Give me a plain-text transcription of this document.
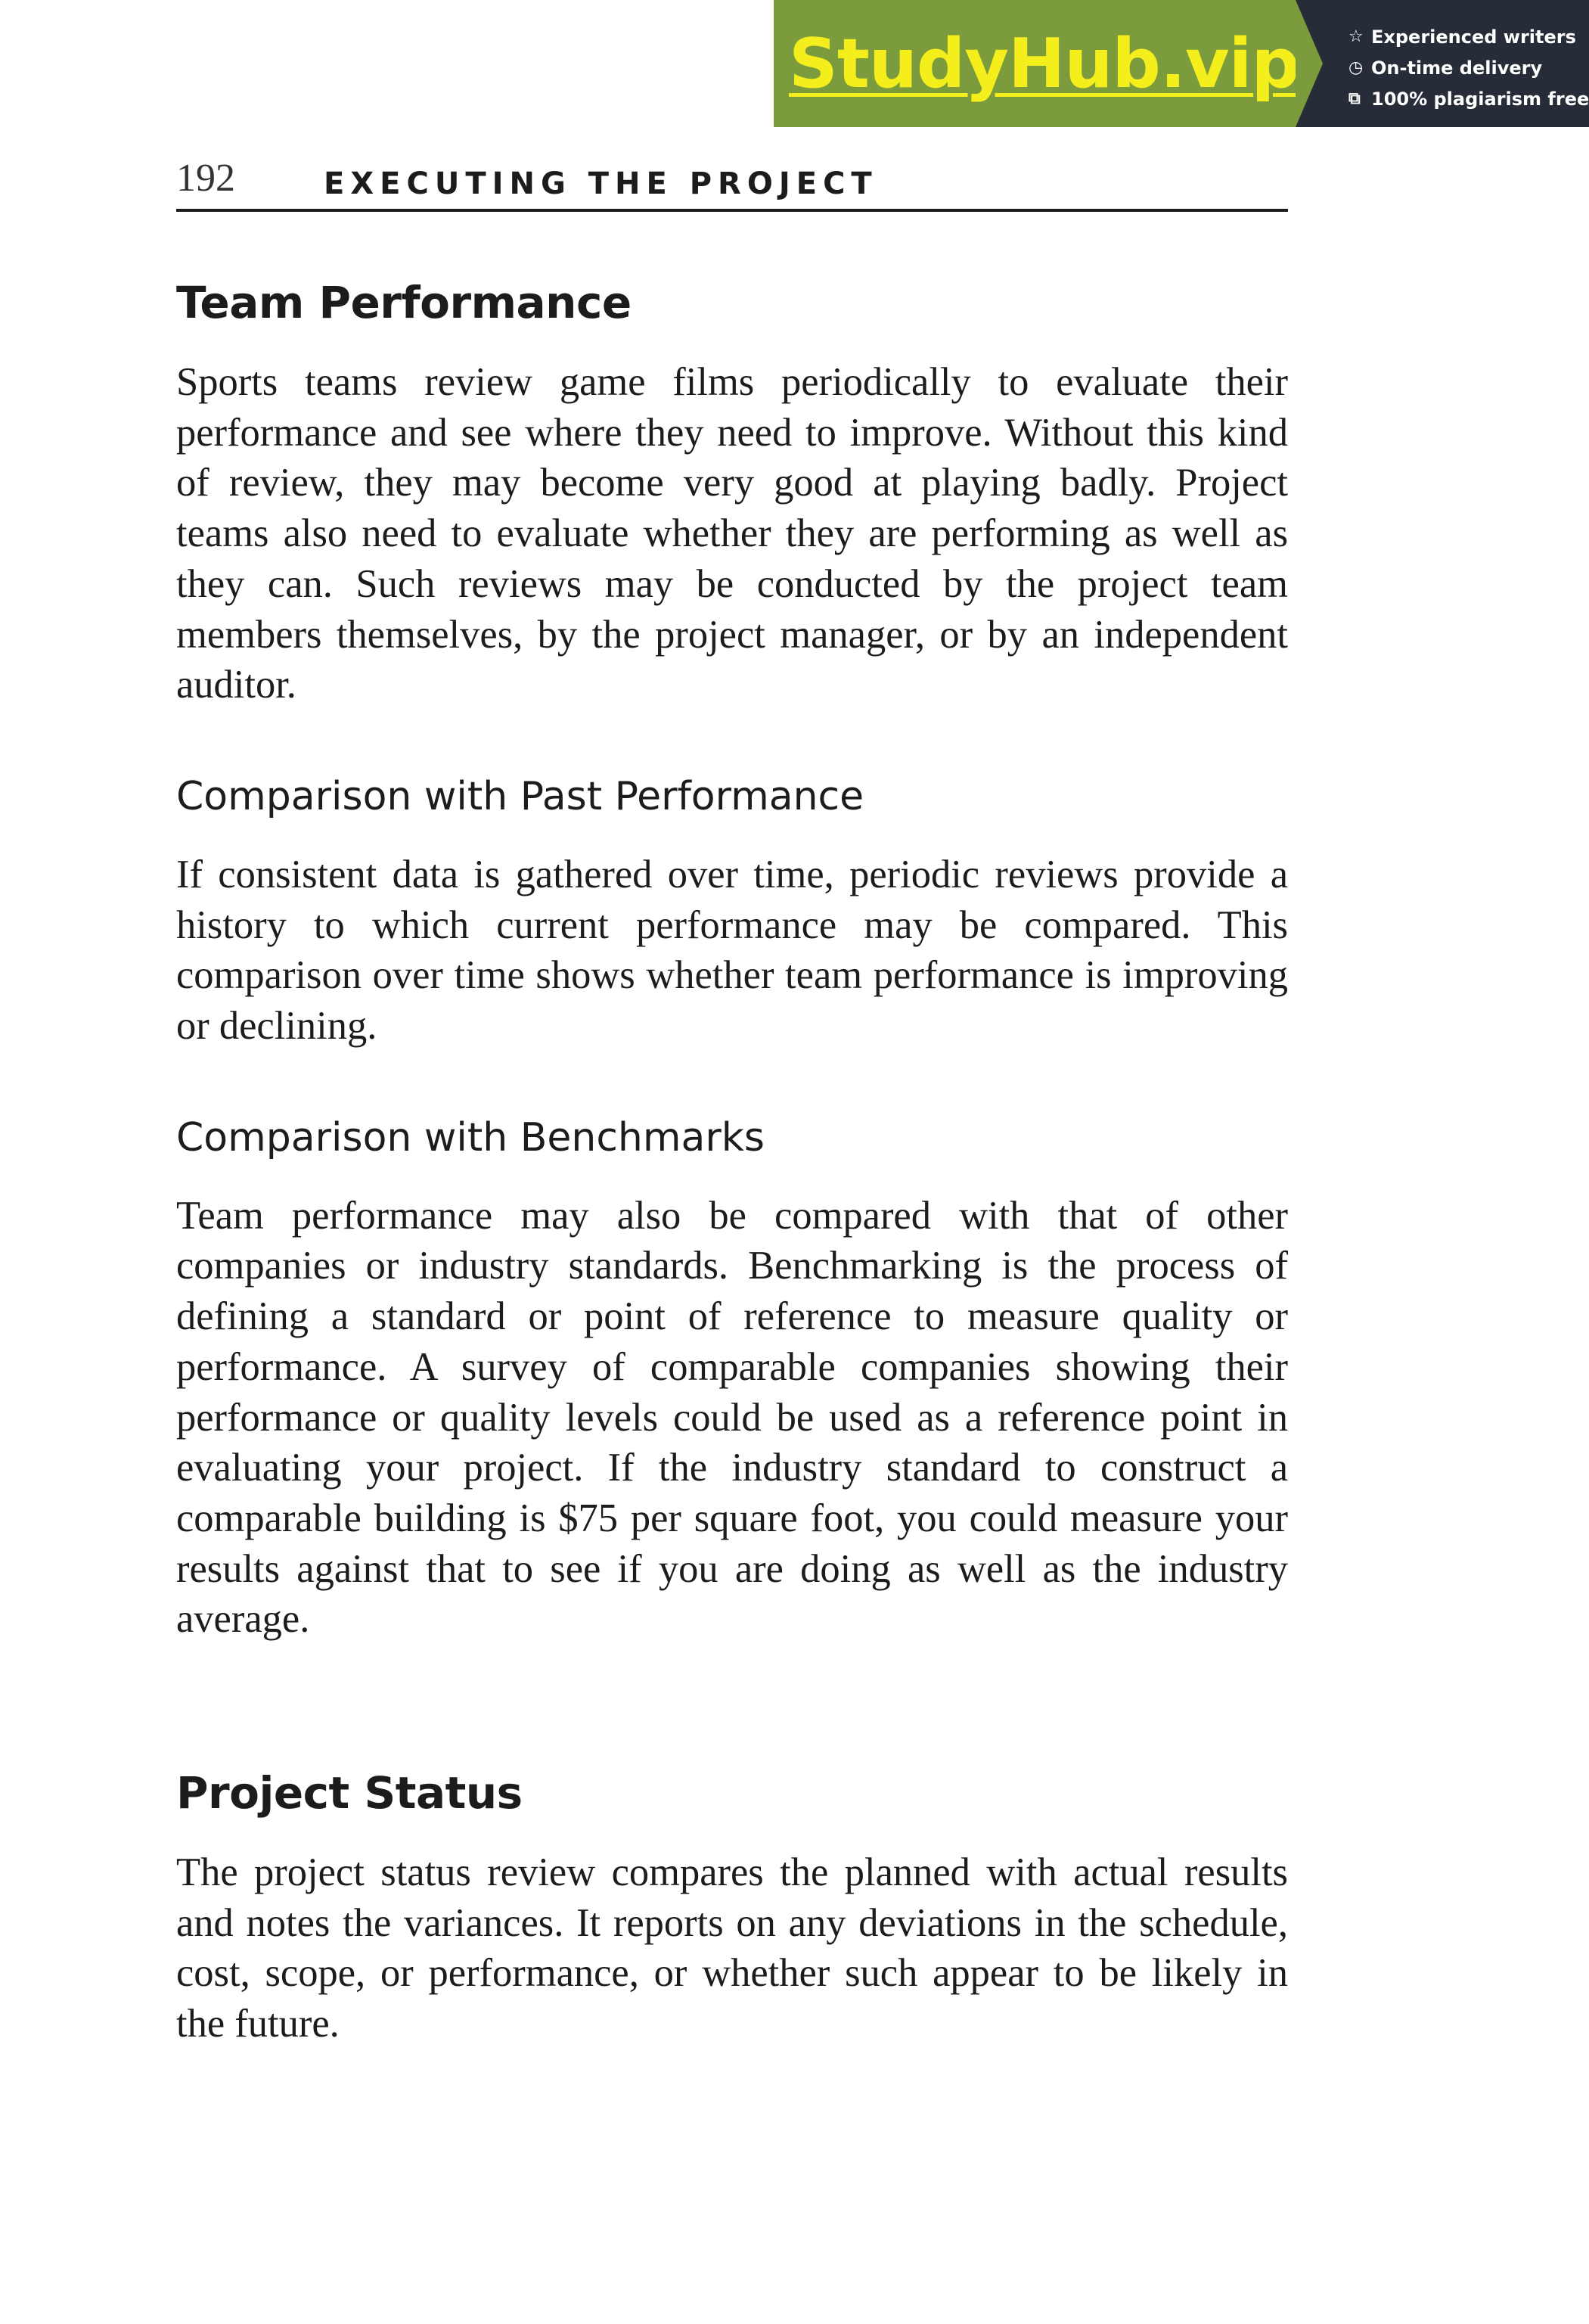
StudyHub.vip	☆ Experienced writers
◷ On-time delivery
⧉ 100% plagiarism free
192	EXECUTING THE PROJECT
Team Performance

Sports teams review game films periodically to evaluate their performance and see where they need to improve. Without this kind of review, they may become very good at playing badly. Project teams also need to evaluate whether they are performing as well as they can. Such reviews may be conducted by the project team members themselves, by the project manager, or by an independent auditor.

Comparison with Past Performance

If consistent data is gathered over time, periodic reviews provide a history to which current performance may be compared. This comparison over time shows whether team performance is improving or declining.

Comparison with Benchmarks

Team performance may also be compared with that of other companies or industry standards. Benchmarking is the process of defining a standard or point of reference to measure quality or performance. A survey of comparable companies showing their performance or quality levels could be used as a reference point in evaluating your project. If the industry standard to construct a comparable building is $75 per square foot, you could measure your results against that to see if you are doing as well as the industry average.

Project Status

The project status review compares the planned with actual results and notes the variances. It reports on any deviations in the schedule, cost, scope, or performance, or whether such appear to be likely in the future.
